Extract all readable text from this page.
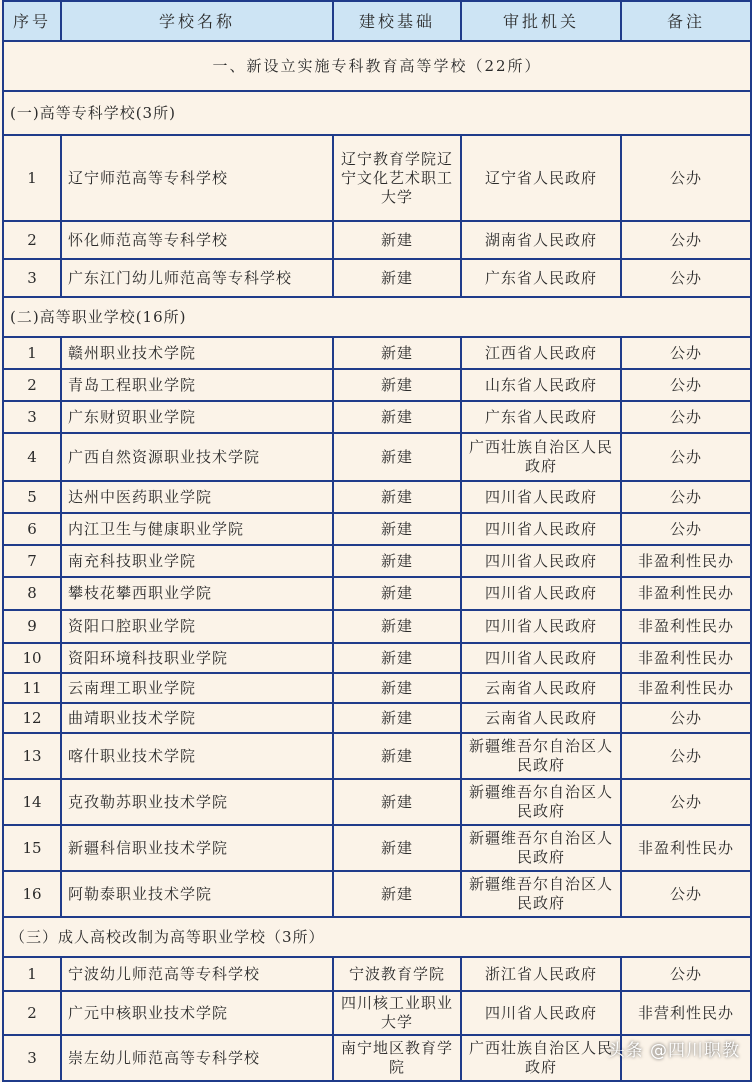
序号	学校名称	建校基础	审批机关	备注
一、新设立实施专科教育高等学校（22所）				
(一)高等专科学校(3所)				
1	辽宁师范高等专科学校	辽宁教育学院辽宁文化艺术职工大学	辽宁省人民政府	公办
2	怀化师范高等专科学校	新建	湖南省人民政府	公办
3	广东江门幼儿师范高等专科学校	新建	广东省人民政府	公办
(二)高等职业学校(16所)				
1	赣州职业技术学院	新建	江西省人民政府	公办
2	青岛工程职业学院	新建	山东省人民政府	公办
3	广东财贸职业学院	新建	广东省人民政府	公办
4	广西自然资源职业技术学院	新建	广西壮族自治区人民政府	公办
5	达州中医药职业学院	新建	四川省人民政府	公办
6	内江卫生与健康职业学院	新建	四川省人民政府	公办
7	南充科技职业学院	新建	四川省人民政府	非盈利性民办
8	攀枝花攀西职业学院	新建	四川省人民政府	非盈利性民办
9	资阳口腔职业学院	新建	四川省人民政府	非盈利性民办
10	资阳环境科技职业学院	新建	四川省人民政府	非盈利性民办
11	云南理工职业学院	新建	云南省人民政府	非盈利性民办
12	曲靖职业技术学院	新建	云南省人民政府	公办
13	喀什职业技术学院	新建	新疆维吾尔自治区人民政府	公办
14	克孜勒苏职业技术学院	新建	新疆维吾尔自治区人民政府	公办
15	新疆科信职业技术学院	新建	新疆维吾尔自治区人民政府	非盈利性民办
16	阿勒泰职业技术学院	新建	新疆维吾尔自治区人民政府	公办
（三）成人高校改制为高等职业学校（3所）				
1	宁波幼儿师范高等专科学校	宁波教育学院	浙江省人民政府	公办
2	广元中核职业技术学院	四川核工业职业大学	四川省人民政府	非营利性民办
3	崇左幼儿师范高等专科学校	南宁地区教育学院	广西壮族自治区人民政府	
头条 @四川职教
